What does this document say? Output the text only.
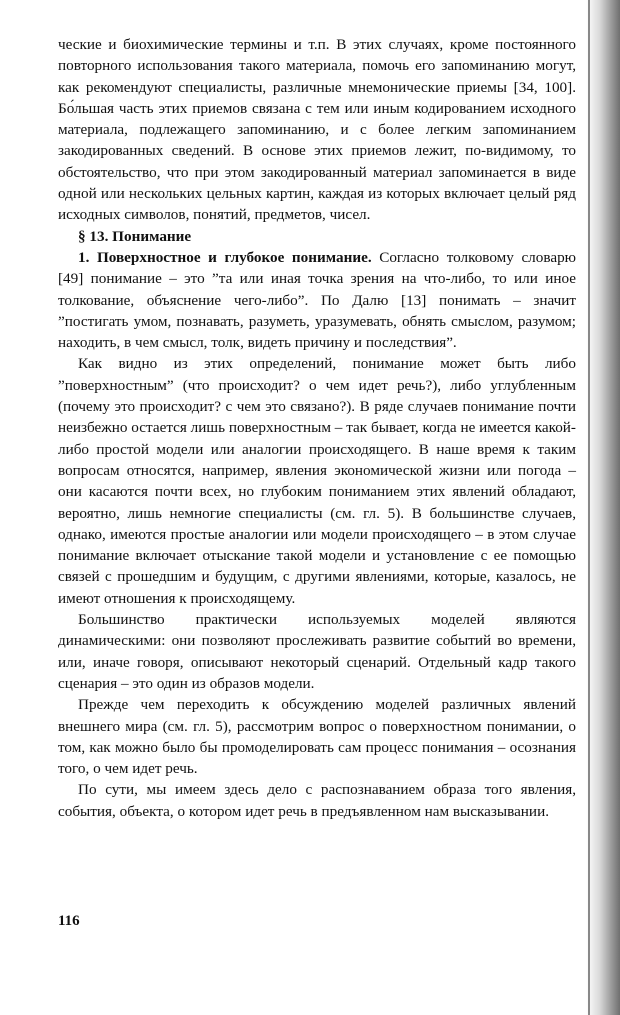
ческие и биохимические термины и т.п. В этих случаях, кроме постоянного повторного использования такого материала, помочь его запоминанию могут, как рекомендуют специалисты, различные мнемонические приемы [34, 100]. Бо́льшая часть этих приемов связана с тем или иным кодированием исходного материала, подлежащего запоминанию, и с более легким запоминанием закодированных сведений. В основе этих приемов лежит, по-видимому, то обстоятельство, что при этом закодированный материал запоминается в виде одной или нескольких цельных картин, каждая из которых включает целый ряд исходных символов, понятий, предметов, чисел.

§ 13. Понимание

1. Поверхностное и глубокое понимание. Согласно толковому словарю [49] понимание – это ”та или иная точка зрения на что-либо, то или иное толкование, объяснение чего-либо”. По Далю [13] понимать – значит ”постигать умом, познавать, разуметь, уразумевать, обнять смыслом, разумом; находить, в чем смысл, толк, видеть причину и последствия”.

Как видно из этих определений, понимание может быть либо ”поверхностным” (что происходит? о чем идет речь?), либо углубленным (почему это происходит? с чем это связано?). В ряде случаев понимание почти неизбежно остается лишь поверхностным – так бывает, когда не имеется какой-либо простой модели или аналогии происходящего. В наше время к таким вопросам относятся, например, явления экономической жизни или погода – они касаются почти всех, но глубоким пониманием этих явлений обладают, вероятно, лишь немногие специалисты (см. гл. 5). В большинстве случаев, однако, имеются простые аналогии или модели происходящего – в этом случае понимание включает отыскание такой модели и установление с ее помощью связей с прошедшим и будущим, с другими явлениями, которые, казалось, не имеют отношения к происходящему.

Большинство практически используемых моделей являются динамическими: они позволяют прослеживать развитие событий во времени, или, иначе говоря, описывают некоторый сценарий. Отдельный кадр такого сценария – это один из образов модели.

Прежде чем переходить к обсуждению моделей различных явлений внешнего мира (см. гл. 5), рассмотрим вопрос о поверхностном понимании, о том, как можно было бы промоделировать сам процесс понимания – осознания того, о чем идет речь.

По сути, мы имеем здесь дело с распознаванием образа того явления, события, объекта, о котором идет речь в предъявленном нам высказывании.

116
